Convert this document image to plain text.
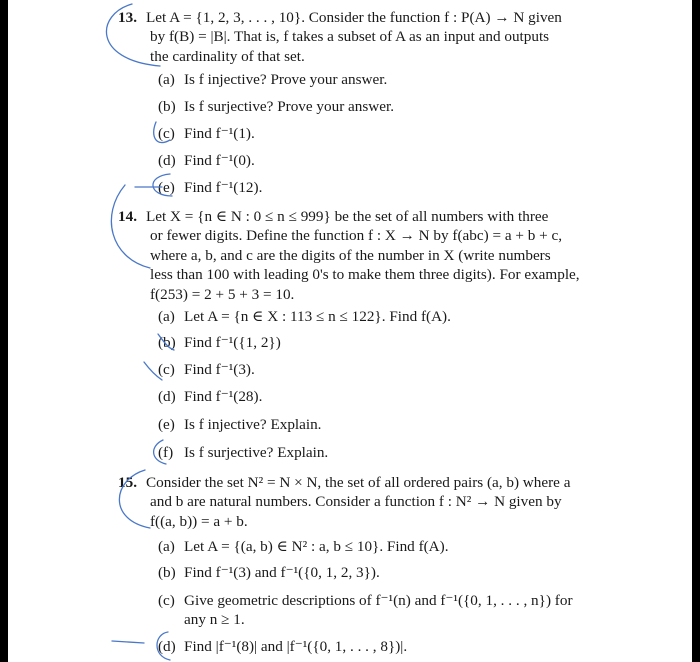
13. Let A = {1, 2, 3, . . . , 10}. Consider the function f : P(A) → N given
by f(B) = |B|. That is, f takes a subset of A as an input and outputs
the cardinality of that set.
(a) Is f injective? Prove your answer.
(b) Is f surjective? Prove your answer.
(c) Find f⁻¹(1).
(d) Find f⁻¹(0).
(e) Find f⁻¹(12).
14. Let X = {n ∈ N : 0 ≤ n ≤ 999} be the set of all numbers with three
or fewer digits. Define the function f : X → N by f(abc) = a + b + c,
where a, b, and c are the digits of the number in X (write numbers
less than 100 with leading 0's to make them three digits). For example,
f(253) = 2 + 5 + 3 = 10.
(a) Let A = {n ∈ X : 113 ≤ n ≤ 122}. Find f(A).
(b) Find f⁻¹({1, 2})
(c) Find f⁻¹(3).
(d) Find f⁻¹(28).
(e) Is f injective? Explain.
(f) Is f surjective? Explain.
15. Consider the set N² = N × N, the set of all ordered pairs (a, b) where a
and b are natural numbers. Consider a function f : N² → N given by
f((a, b)) = a + b.
(a) Let A = {(a, b) ∈ N² : a, b ≤ 10}. Find f(A).
(b) Find f⁻¹(3) and f⁻¹({0, 1, 2, 3}).
(c) Give geometric descriptions of f⁻¹(n) and f⁻¹({0, 1, . . . , n}) for
any n ≥ 1.
(d) Find |f⁻¹(8)| and |f⁻¹({0, 1, . . . , 8})|.
